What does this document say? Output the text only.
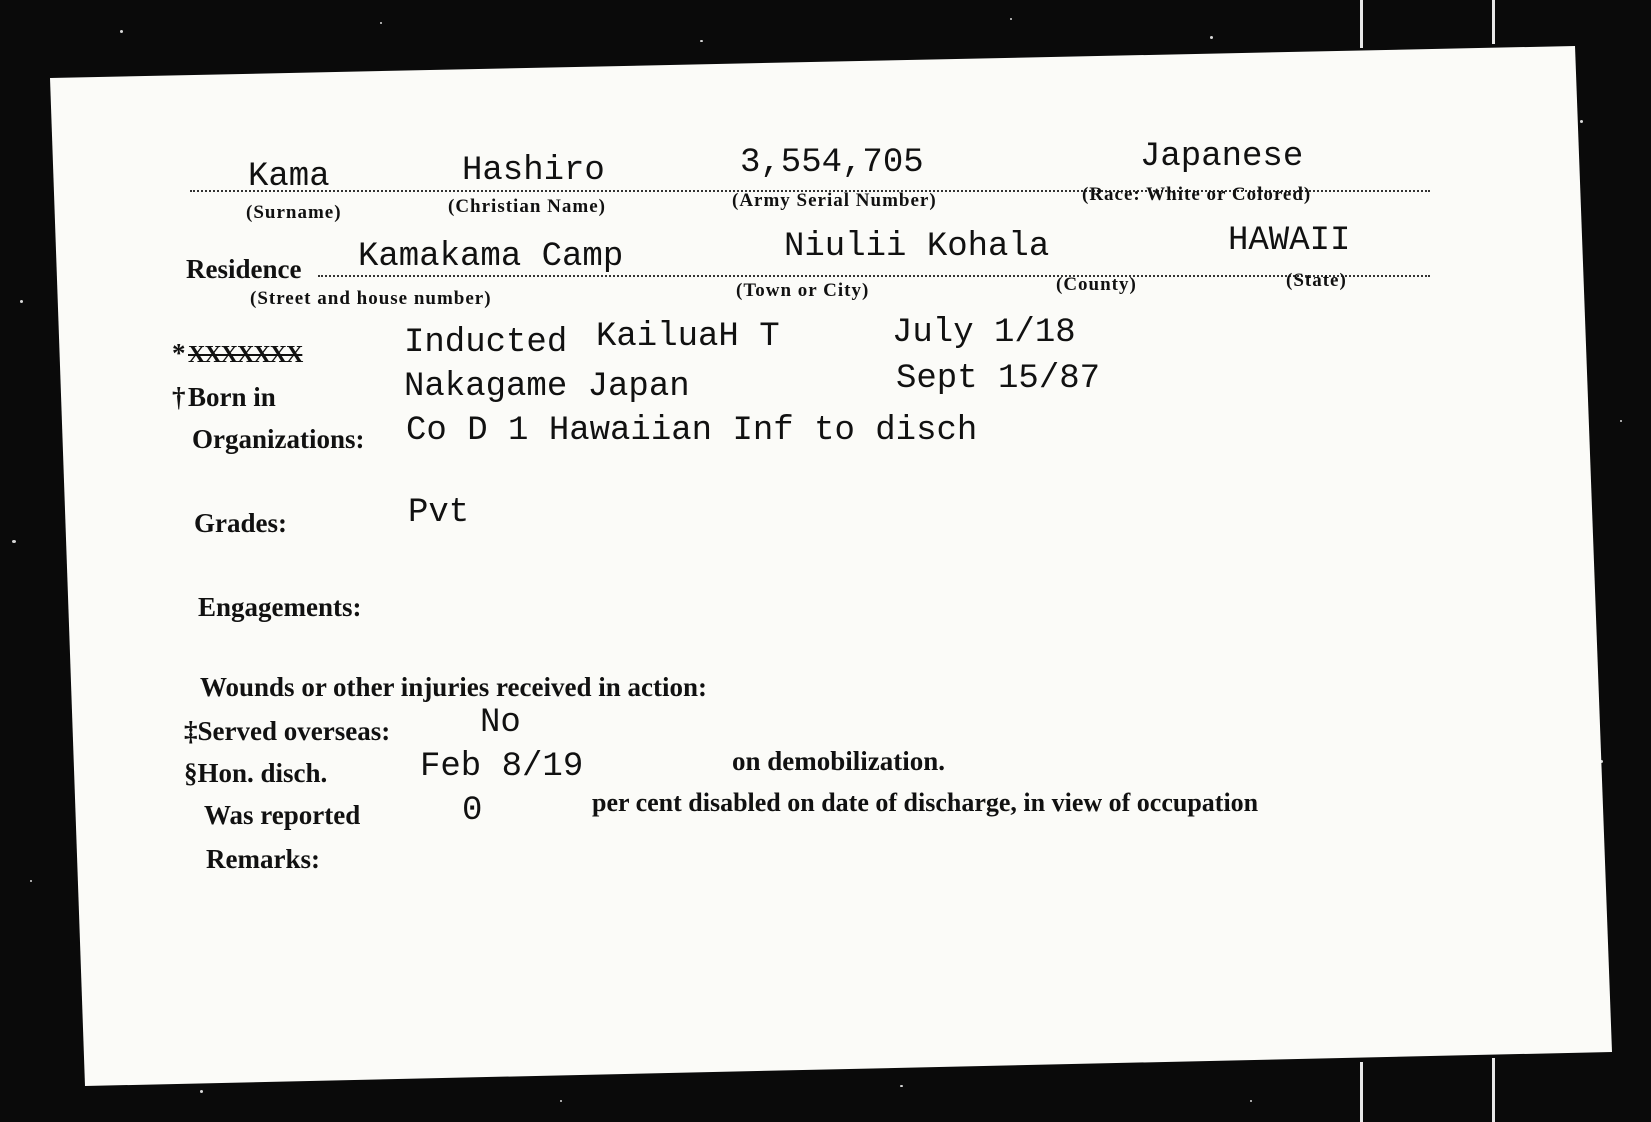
Kama	Hashiro	3,554,705	Japanese
(Surname)	(Christian Name)	(Army Serial Number)	(Race: White or Colored)
Residence Kamakama Camp	Niulii Kohala	HAWAII
(Street and house number)	(Town or City)	(County)	(State)
* XXXXXXX	Inducted KailuaH T	July 1/18
† Born in	Nakagame Japan	Sept 15/87
Organizations: Co D 1 Hawaiian Inf to disch
Grades:	Pvt
Engagements:
Wounds or other injuries received in action:
‡Served overseas:	No
§Hon. disch.	Feb 8/19	on demobilization.
Was reported	0	per cent disabled on date of discharge, in view of occupation
Remarks:
